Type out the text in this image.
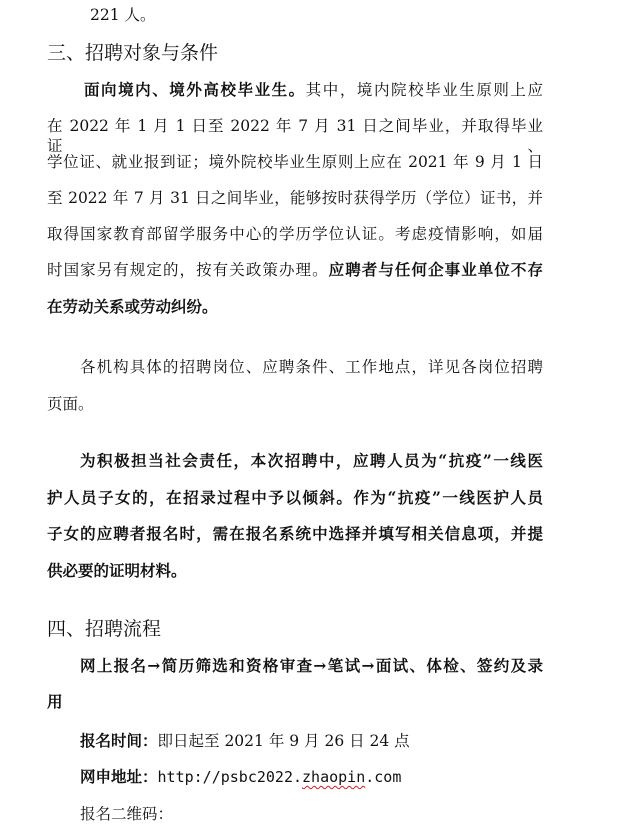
221 人。
三、招聘对象与条件
面向境内、境外高校毕业生。其中，境内院校毕业生原则上应
在 2022 年 1 月 1 日至 2022 年 7 月 31 日之间毕业，并取得毕业证、
学位证、就业报到证；境外院校毕业生原则上应在 2021 年 9 月 1 日
至 2022 年 7 月 31 日之间毕业，能够按时获得学历（学位）证书，并
取得国家教育部留学服务中心的学历学位认证。考虑疫情影响，如届
时国家另有规定的，按有关政策办理。应聘者与任何企事业单位不存
在劳动关系或劳动纠纷。
各机构具体的招聘岗位、应聘条件、工作地点，详见各岗位招聘
页面。
为积极担当社会责任，本次招聘中，应聘人员为“抗疫”一线医
护人员子女的，在招录过程中予以倾斜。作为“抗疫”一线医护人员
子女的应聘者报名时，需在报名系统中选择并填写相关信息项，并提
供必要的证明材料。
四、招聘流程
网上报名→简历筛选和资格审查→笔试→面试、体检、签约及录
用
报名时间：即日起至 2021 年 9 月 26 日 24 点
网申地址：http://psbc2022.zhaopin.com
报名二维码：
